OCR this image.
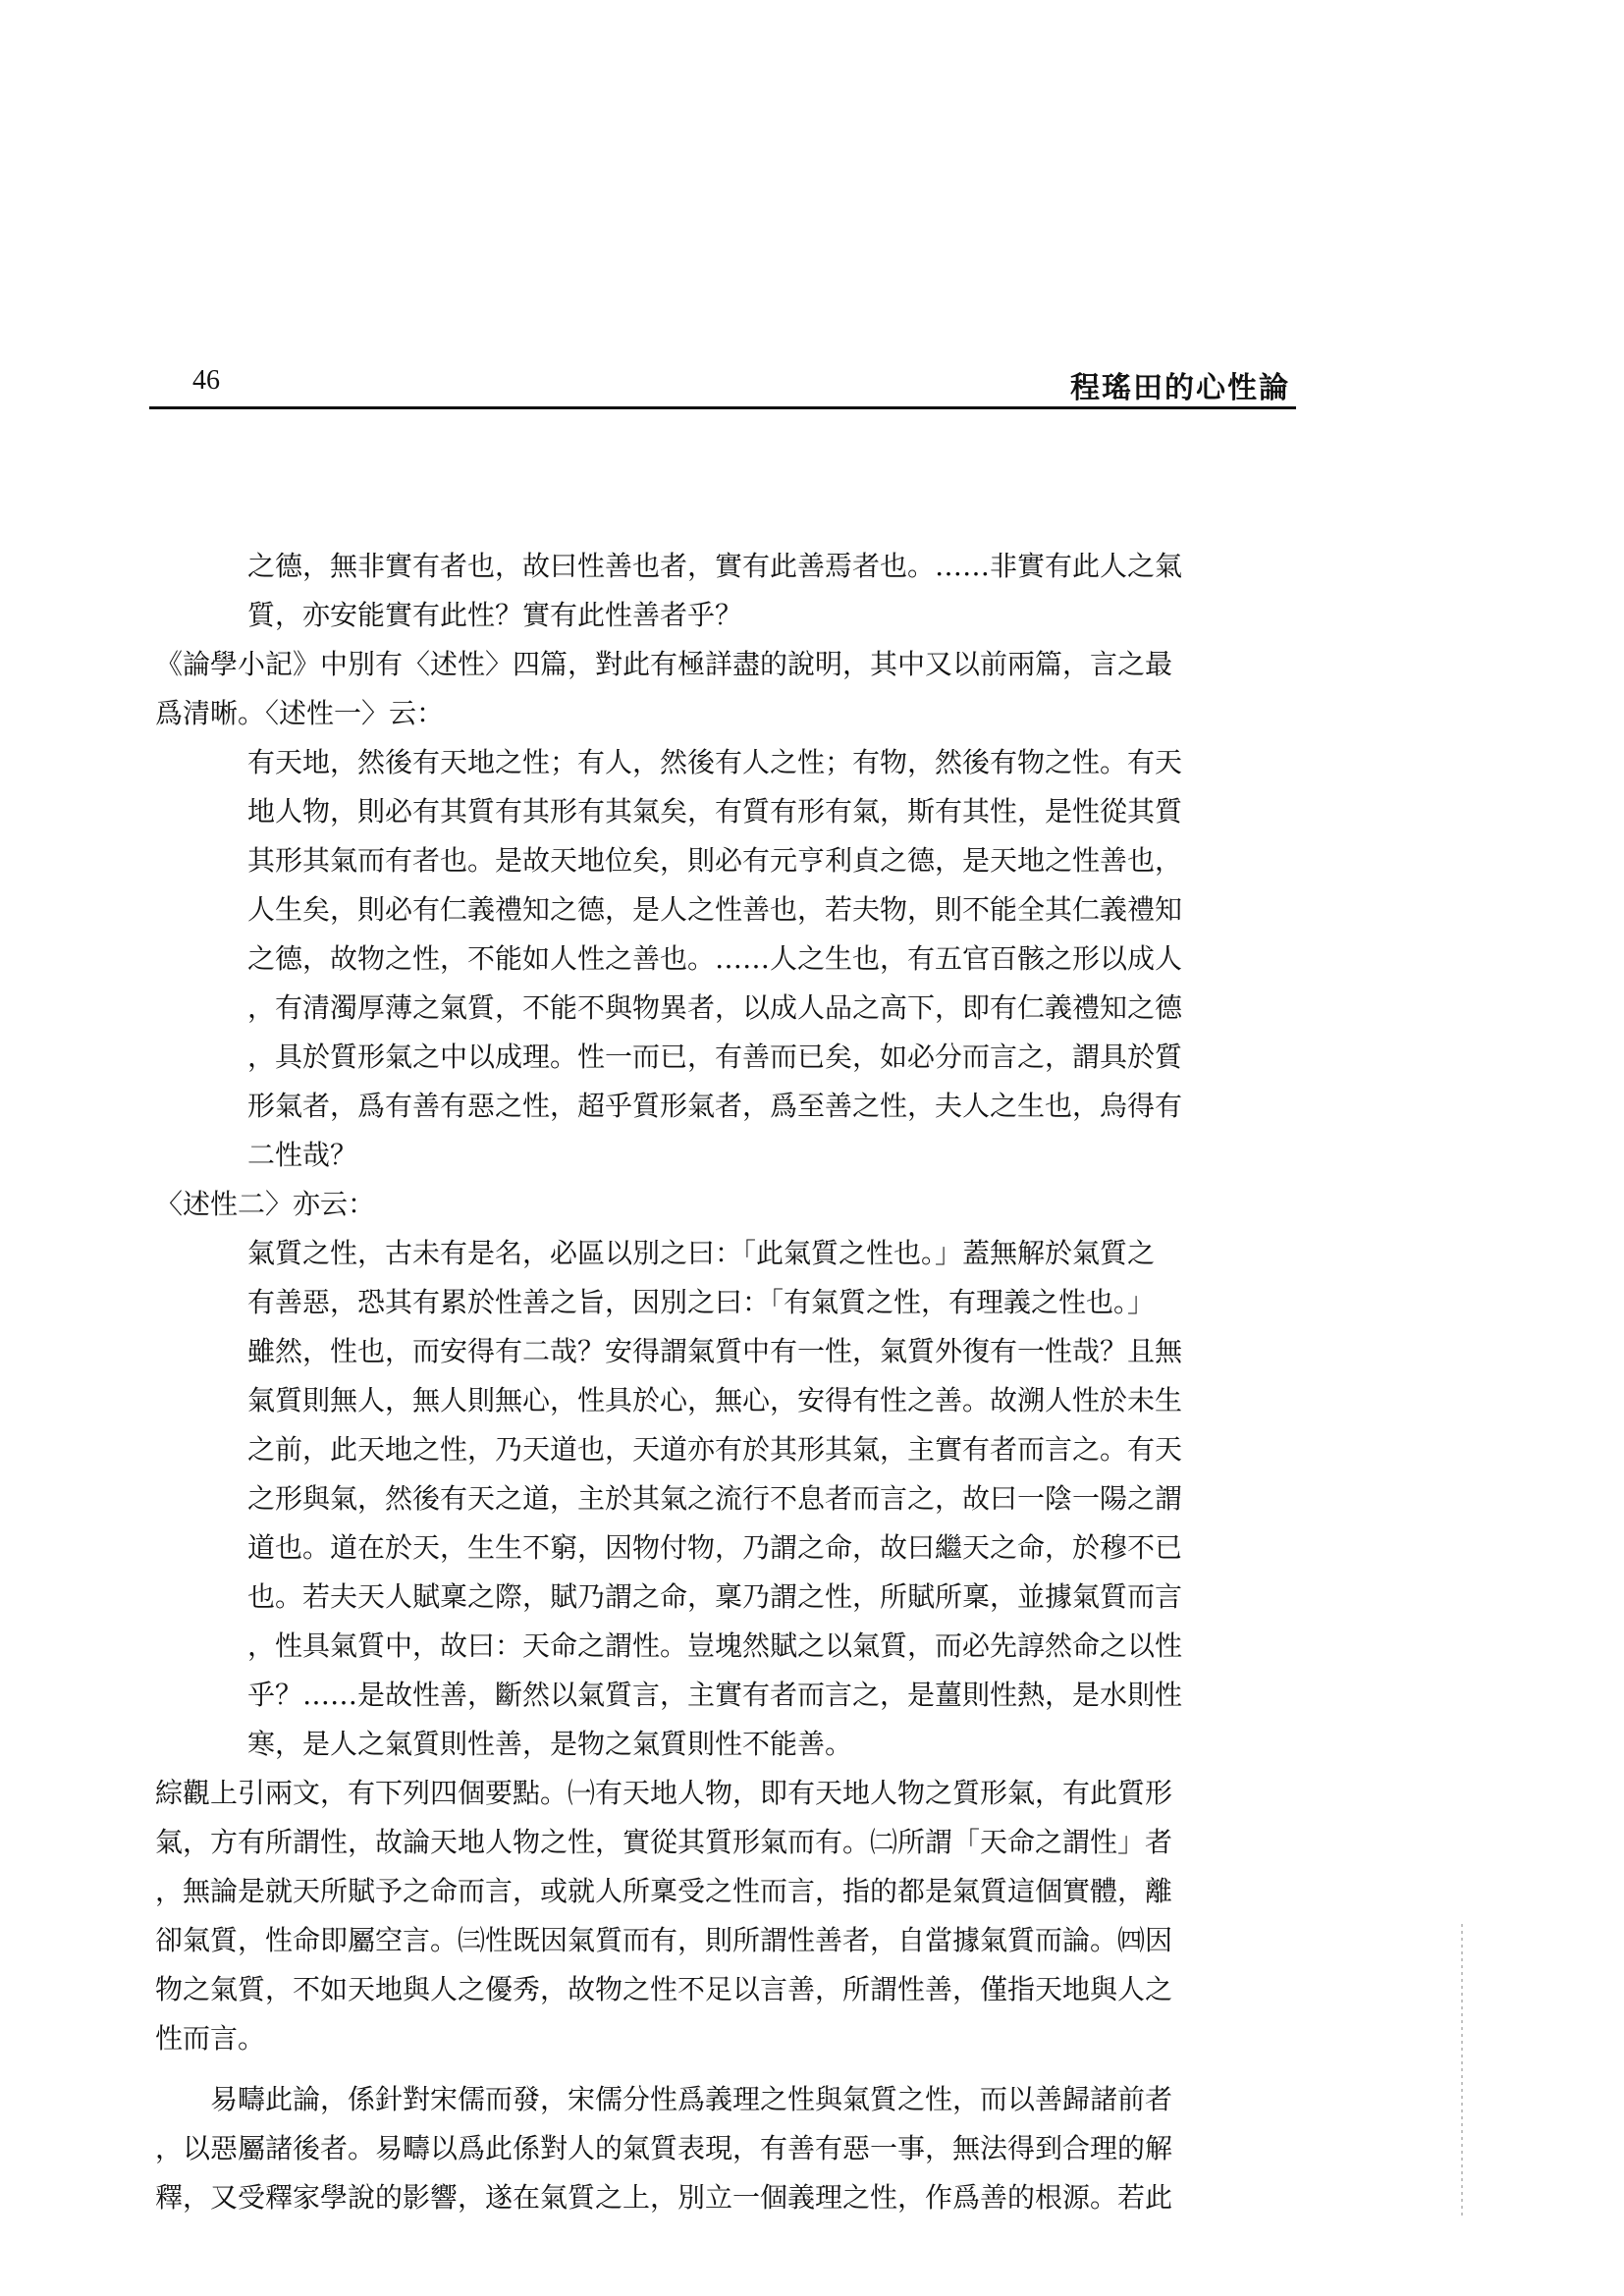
46	程瑤田的心性論
之德，無非實有者也，故曰性善也者，實有此善焉者也。……非實有此人之氣
質，亦安能實有此性？實有此性善者乎？
《論學小記》中別有〈述性〉四篇，對此有極詳盡的說明，其中又以前兩篇，言之最
爲清晰。〈述性一〉云：
有天地，然後有天地之性；有人，然後有人之性；有物，然後有物之性。有天
地人物，則必有其質有其形有其氣矣，有質有形有氣，斯有其性，是性從其質
其形其氣而有者也。是故天地位矣，則必有元亨利貞之德，是天地之性善也，
人生矣，則必有仁義禮知之德，是人之性善也，若夫物，則不能全其仁義禮知
之德，故物之性，不能如人性之善也。……人之生也，有五官百骸之形以成人
，有清濁厚薄之氣質，不能不與物異者，以成人品之高下，即有仁義禮知之德
，具於質形氣之中以成理。性一而已，有善而已矣，如必分而言之，謂具於質
形氣者，爲有善有惡之性，超乎質形氣者，爲至善之性，夫人之生也，烏得有
二性哉？
〈述性二〉亦云：
氣質之性，古未有是名，必區以別之曰：「此氣質之性也。」蓋無解於氣質之
有善惡，恐其有累於性善之旨，因別之曰：「有氣質之性，有理義之性也。」
雖然，性也，而安得有二哉？安得謂氣質中有一性，氣質外復有一性哉？且無
氣質則無人，無人則無心，性具於心，無心，安得有性之善。故溯人性於未生
之前，此天地之性，乃天道也，天道亦有於其形其氣，主實有者而言之。有天
之形與氣，然後有天之道，主於其氣之流行不息者而言之，故曰一陰一陽之謂
道也。道在於天，生生不窮，因物付物，乃謂之命，故曰繼天之命，於穆不已
也。若夫天人賦稟之際，賦乃謂之命，稟乃謂之性，所賦所稟，並據氣質而言
，性具氣質中，故曰：天命之謂性。豈塊然賦之以氣質，而必先諄然命之以性
乎？……是故性善，斷然以氣質言，主實有者而言之，是薑則性熱，是水則性
寒，是人之氣質則性善，是物之氣質則性不能善。
綜觀上引兩文，有下列四個要點。㈠有天地人物，即有天地人物之質形氣，有此質形
氣，方有所謂性，故論天地人物之性，實從其質形氣而有。㈡所謂「天命之謂性」者
，無論是就天所賦予之命而言，或就人所稟受之性而言，指的都是氣質這個實體，離
卻氣質，性命即屬空言。㈢性既因氣質而有，則所謂性善者，自當據氣質而論。㈣因
物之氣質，不如天地與人之優秀，故物之性不足以言善，所謂性善，僅指天地與人之
性而言。
易疇此論，係針對宋儒而發，宋儒分性爲義理之性與氣質之性，而以善歸諸前者
，以惡屬諸後者。易疇以爲此係對人的氣質表現，有善有惡一事，無法得到合理的解
釋，又受釋家學說的影響，遂在氣質之上，別立一個義理之性，作爲善的根源。若此
